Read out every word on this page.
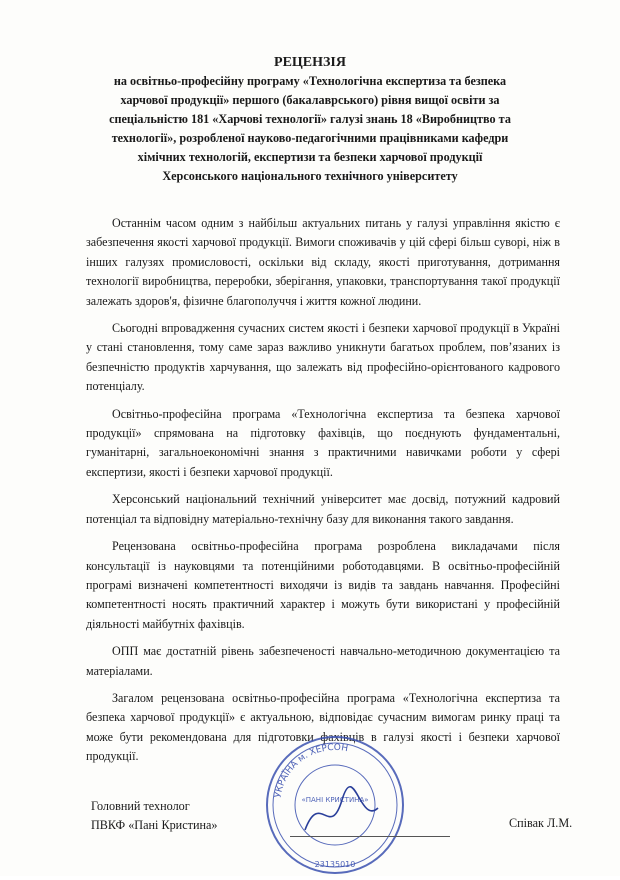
РЕЦЕНЗІЯ

на освітньо-професійну програму «Технологічна експертиза та безпека

харчової продукції» першого (бакалаврського) рівня вищої освіти за

спеціальністю 181 «Харчові технології» галузі знань 18 «Виробництво та

технології», розробленої науково-педагогічними працівниками кафедри

хімічних технологій, експертизи та безпеки харчової продукції

Херсонського національного технічного університету

Останнім часом одним з найбільш актуальних питань у галузі управління якістю є забезпечення якості харчової продукції. Вимоги споживачів у цій сфері більш суворі, ніж в інших галузях промисловості, оскільки від складу, якості приготування, дотримання технології виробництва, переробки, зберігання, упаковки, транспортування такої продукції залежать здоров'я, фізичне благополуччя і життя кожної людини.

Сьогодні впровадження сучасних систем якості і безпеки харчової продукції в Україні у стані становлення, тому саме зараз важливо уникнути багатьох проблем, пов’язаних із безпечністю продуктів харчування, що залежать від професійно-орієнтованого кадрового потенціалу.

Освітньо-професійна програма «Технологічна експертиза та безпека харчової продукції» спрямована на підготовку фахівців, що поєднують фундаментальні, гуманітарні, загальноекономічні знання з практичними навичками роботи у сфері експертизи, якості і безпеки харчової продукції.

Херсонський національний технічний університет має досвід, потужний кадровий потенціал та відповідну матеріально-технічну базу для виконання такого завдання.

Рецензована освітньо-професійна програма розроблена викладачами після консультації із науковцями та потенційними роботодавцями. В освітньо-професійній програмі визначені компетентності виходячи із видів та завдань навчання. Професійні компетентності носять практичний характер і можуть бути використані у професійній діяльності майбутніх фахівців.

ОПП має достатній рівень забезпеченості навчально-методичною документацією та матеріалами.

Загалом рецензована освітньо-професійна програма «Технологічна експертиза та безпека харчової продукції» є актуальною, відповідає сучасним вимогам ринку праці та може бути рекомендована для підготовки фахівців в галузі якості і безпеки харчової продукції.

Головний технолог
ПВКФ «Пані Кристина»
УКРАЇНА м. ХЕРСОН
«ПАНІ КРИСТИНА»
23135010
Співак Л.М.
